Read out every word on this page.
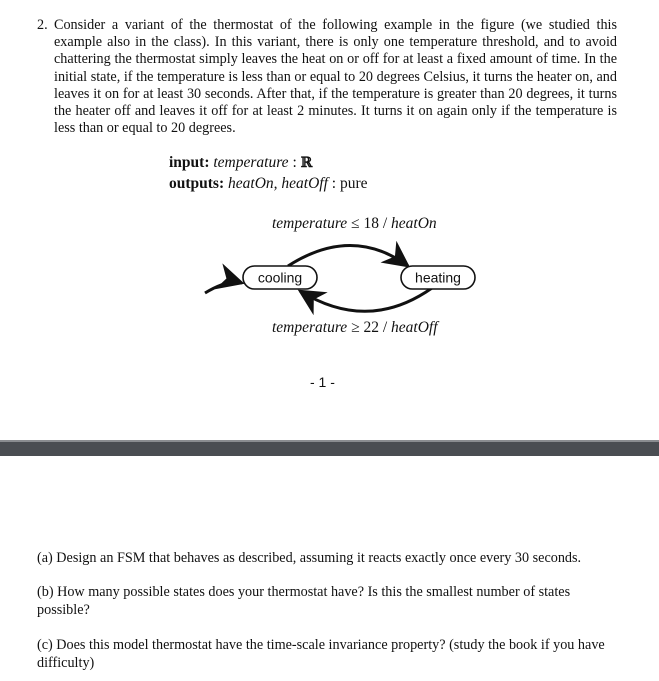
2. Consider a variant of the thermostat of the following example in the figure (we studied this example also in the class). In this variant, there is only one temperature threshold, and to avoid chattering the thermostat simply leaves the heat on or off for at least a fixed amount of time. In the initial state, if the temperature is less than or equal to 20 degrees Celsius, it turns the heater on, and leaves it on for at least 30 seconds. After that, if the temperature is greater than 20 degrees, it turns the heater off and leaves it off for at least 2 minutes. It turns it on again only if the temperature is less than or equal to 20 degrees.
input: temperature : ℝ
outputs: heatOn, heatOff : pure
temperature ≤ 18 / heatOn
cooling	heating
temperature ≥ 22 / heatOff
- 1 -
(a) Design an FSM that behaves as described, assuming it reacts exactly once every 30 seconds.
(b) How many possible states does your thermostat have? Is this the smallest number of states possible?
(c) Does this model thermostat have the time-scale invariance property? (study the book if you have difficulty)
